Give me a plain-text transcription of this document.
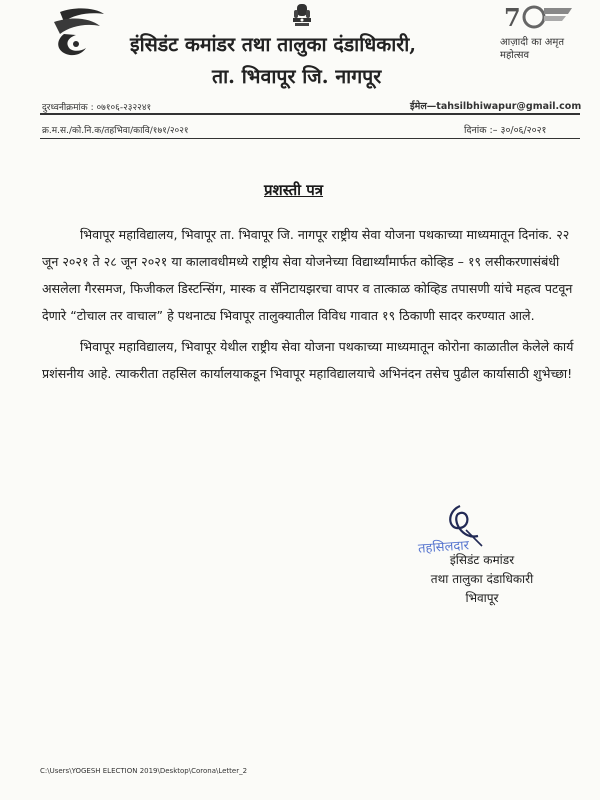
इंसिडंट कमांडर तथा तालुका दंडाधिकारी,
ता. भिवापूर जि. नागपूर
7
आज़ादी का अमृत महोत्सव
दुरध्वनीक्रमांक : ०७१०६-२३२२४१	ईमेल—tahsilbhiwapur@gmail.com
क्र.म.स./को.नि.क/तहभिवा/कावि/१७१/२०२१	दिनांक :– ३०/०६/२०२१
प्रशस्ती पत्र

भिवापूर महाविद्यालय, भिवापूर ता. भिवापूर जि. नागपूर राष्ट्रीय सेवा योजना पथकाच्या माध्यमातून दिनांक. २२ जून २०२१ ते २८ जून २०२१ या कालावधीमध्ये राष्ट्रीय सेवा योजनेच्या विद्यार्थ्यांमार्फत कोव्हिड – १९ लसीकरणासंबंधी असलेला गैरसमज, फिजीकल डिस्टन्सिंग, मास्क व सॅनिटायझरचा वापर व तात्काळ कोव्हिड तपासणी यांचे महत्व पटवून देणारे “टोचाल तर वाचाल” हे पथनाट्य भिवापूर तालुक्यातील विविध गावात १९ ठिकाणी सादर करण्यात आले.

भिवापूर महाविद्यालय, भिवापूर येथील राष्ट्रीय सेवा योजना पथकाच्या माध्यमातून कोरोना काळातील केलेले कार्य प्रशंसनीय आहे. त्याकरीता तहसिल कार्यालयाकडून भिवापूर महाविद्यालयाचे अभिनंदन तसेच पुढील कार्यासाठी शुभेच्छा!

तहसिलदार
इंसिडंट कमांडर
तथा तालुका दंडाधिकारी
भिवापूर
C:\Users\YOGESH ELECTION 2019\Desktop\Corona\Letter_2
